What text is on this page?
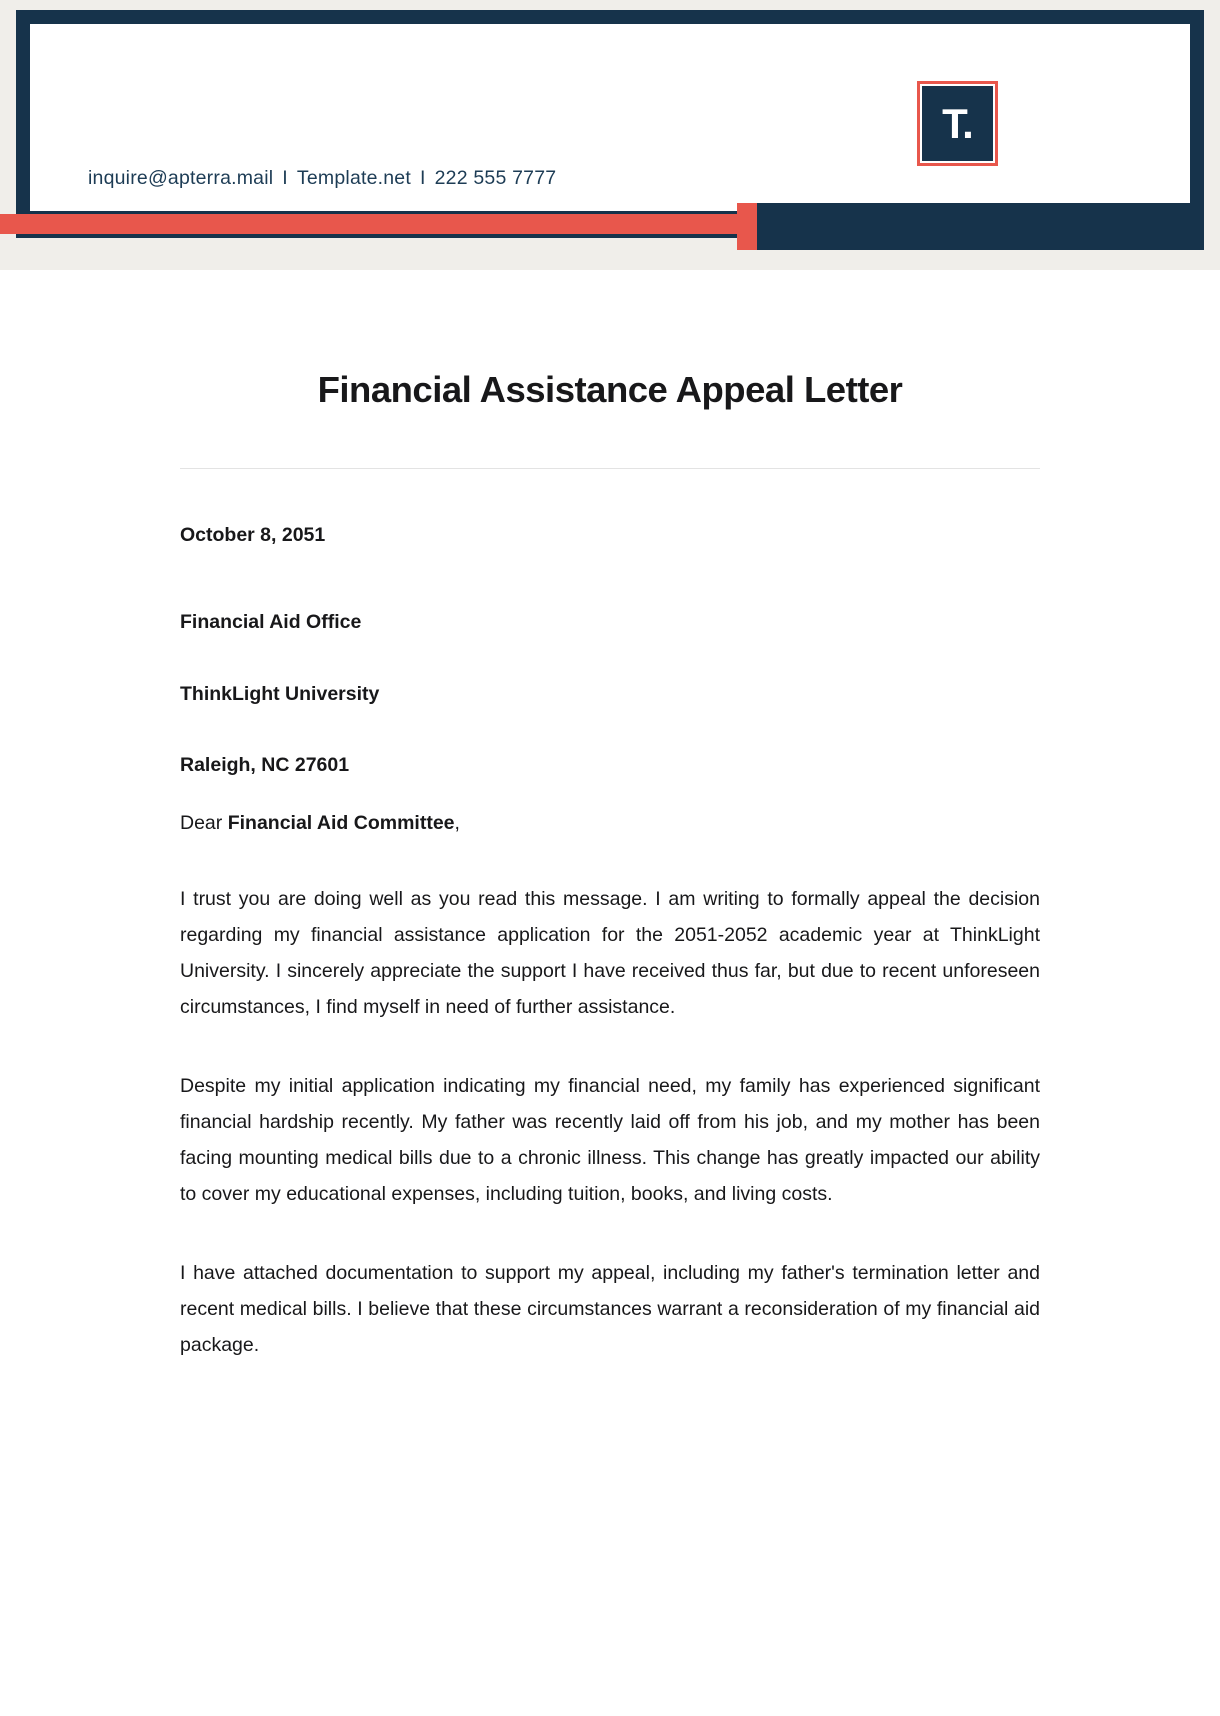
inquire@apterra.mail I Template.net I 222 555 7777
T.
Financial Assistance Appeal Letter
October 8, 2051
Financial Aid Office
ThinkLight University
Raleigh, NC 27601

Dear Financial Aid Committee,

I trust you are doing well as you read this message. I am writing to formally appeal the decision regarding my financial assistance application for the 2051-2052 academic year at ThinkLight University. I sincerely appreciate the support I have received thus far, but due to recent unforeseen circumstances, I find myself in need of further assistance.

Despite my initial application indicating my financial need, my family has experienced significant financial hardship recently. My father was recently laid off from his job, and my mother has been facing mounting medical bills due to a chronic illness. This change has greatly impacted our ability to cover my educational expenses, including tuition, books, and living costs.

I have attached documentation to support my appeal, including my father's termination letter and recent medical bills. I believe that these circumstances warrant a reconsideration of my financial aid package.
